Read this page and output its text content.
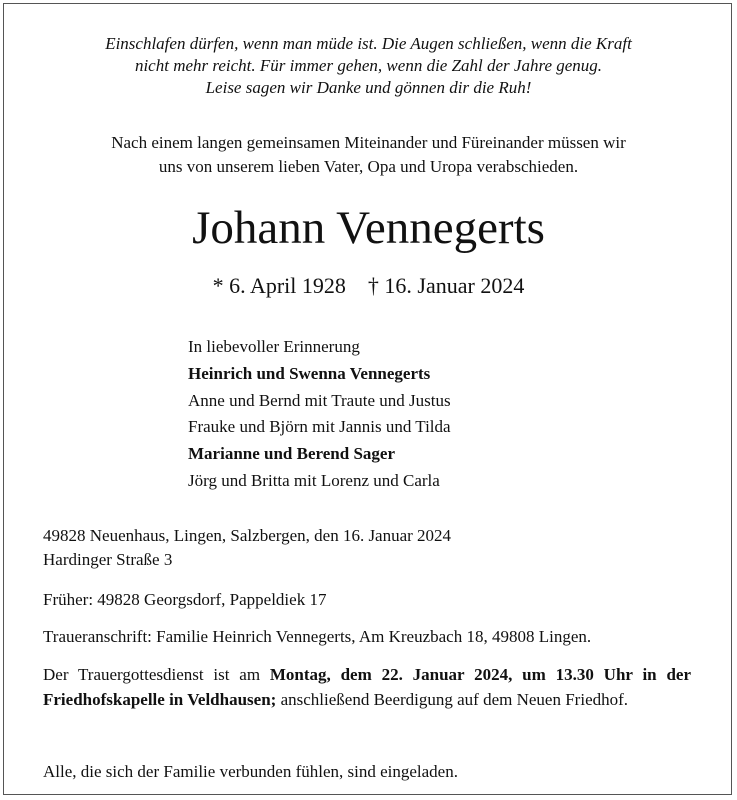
Einschlafen dürfen, wenn man müde ist. Die Augen schließen, wenn die Kraft
nicht mehr reicht. Für immer gehen, wenn die Zahl der Jahre genug.
Leise sagen wir Danke und gönnen dir die Ruh!
Nach einem langen gemeinsamen Miteinander und Füreinander müssen wir
uns von unserem lieben Vater, Opa und Uropa verabschieden.
Johann Vennegerts
* 6. April 1928 † 16. Januar 2024
In liebevoller Erinnerung
Heinrich und Swenna Vennegerts
Anne und Bernd mit Traute und Justus
Frauke und Björn mit Jannis und Tilda
Marianne und Berend Sager
Jörg und Britta mit Lorenz und Carla
49828 Neuenhaus, Lingen, Salzbergen, den 16. Januar 2024
Hardinger Straße 3
Früher: 49828 Georgsdorf, Pappeldiek 17
Traueranschrift: Familie Heinrich Vennegerts, Am Kreuzbach 18, 49808 Lingen.
Der Trauergottesdienst ist am Montag, dem 22. Januar 2024, um 13.30 Uhr in der Friedhofskapelle in Veldhausen; anschließend Beerdigung auf dem Neuen Friedhof.
Alle, die sich der Familie verbunden fühlen, sind eingeladen.
